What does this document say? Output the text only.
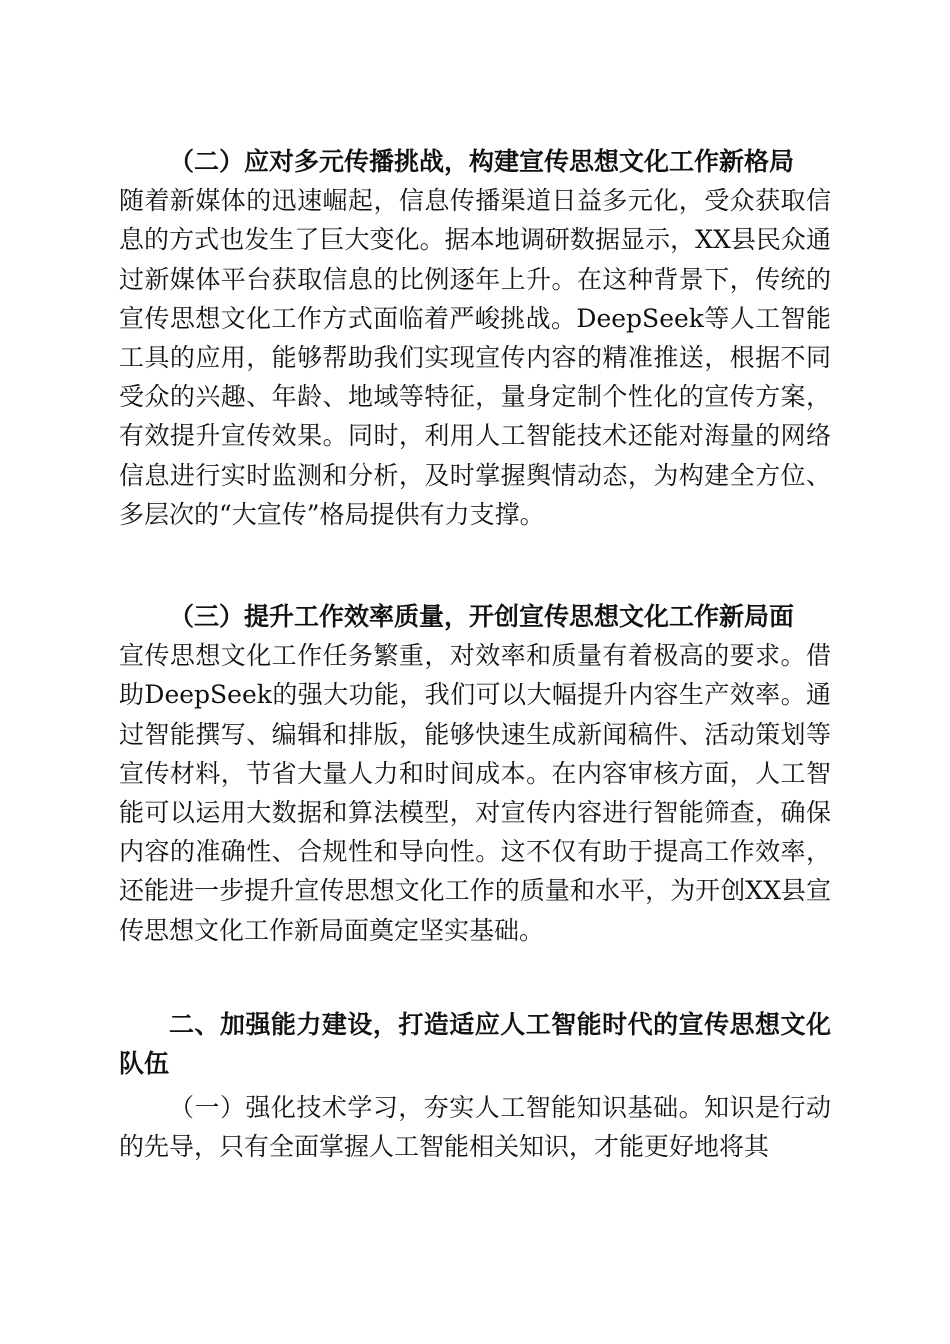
（二）应对多元传播挑战，构建宣传思想文化工作新格局

随着新媒体的迅速崛起，信息传播渠道日益多元化，受众获取信息的方式也发生了巨大变化。据本地调研数据显示，XX县民众通过新媒体平台获取信息的比例逐年上升。在这种背景下，传统的宣传思想文化工作方式面临着严峻挑战。DeepSeek等人工智能工具的应用，能够帮助我们实现宣传内容的精准推送，根据不同受众的兴趣、年龄、地域等特征，量身定制个性化的宣传方案，有效提升宣传效果。同时，利用人工智能技术还能对海量的网络信息进行实时监测和分析，及时掌握舆情动态，为构建全方位、多层次的“大宣传”格局提供有力支撑。

（三）提升工作效率质量，开创宣传思想文化工作新局面

宣传思想文化工作任务繁重，对效率和质量有着极高的要求。借助DeepSeek的强大功能，我们可以大幅提升内容生产效率。通过智能撰写、编辑和排版，能够快速生成新闻稿件、活动策划等宣传材料，节省大量人力和时间成本。在内容审核方面，人工智能可以运用大数据和算法模型，对宣传内容进行智能筛查，确保内容的准确性、合规性和导向性。这不仅有助于提高工作效率，还能进一步提升宣传思想文化工作的质量和水平，为开创XX县宣传思想文化工作新局面奠定坚实基础。

二、加强能力建设，打造适应人工智能时代的宣传思想文化队伍

（一）强化技术学习，夯实人工智能知识基础。知识是行动的先导，只有全面掌握人工智能相关知识，才能更好地将其
